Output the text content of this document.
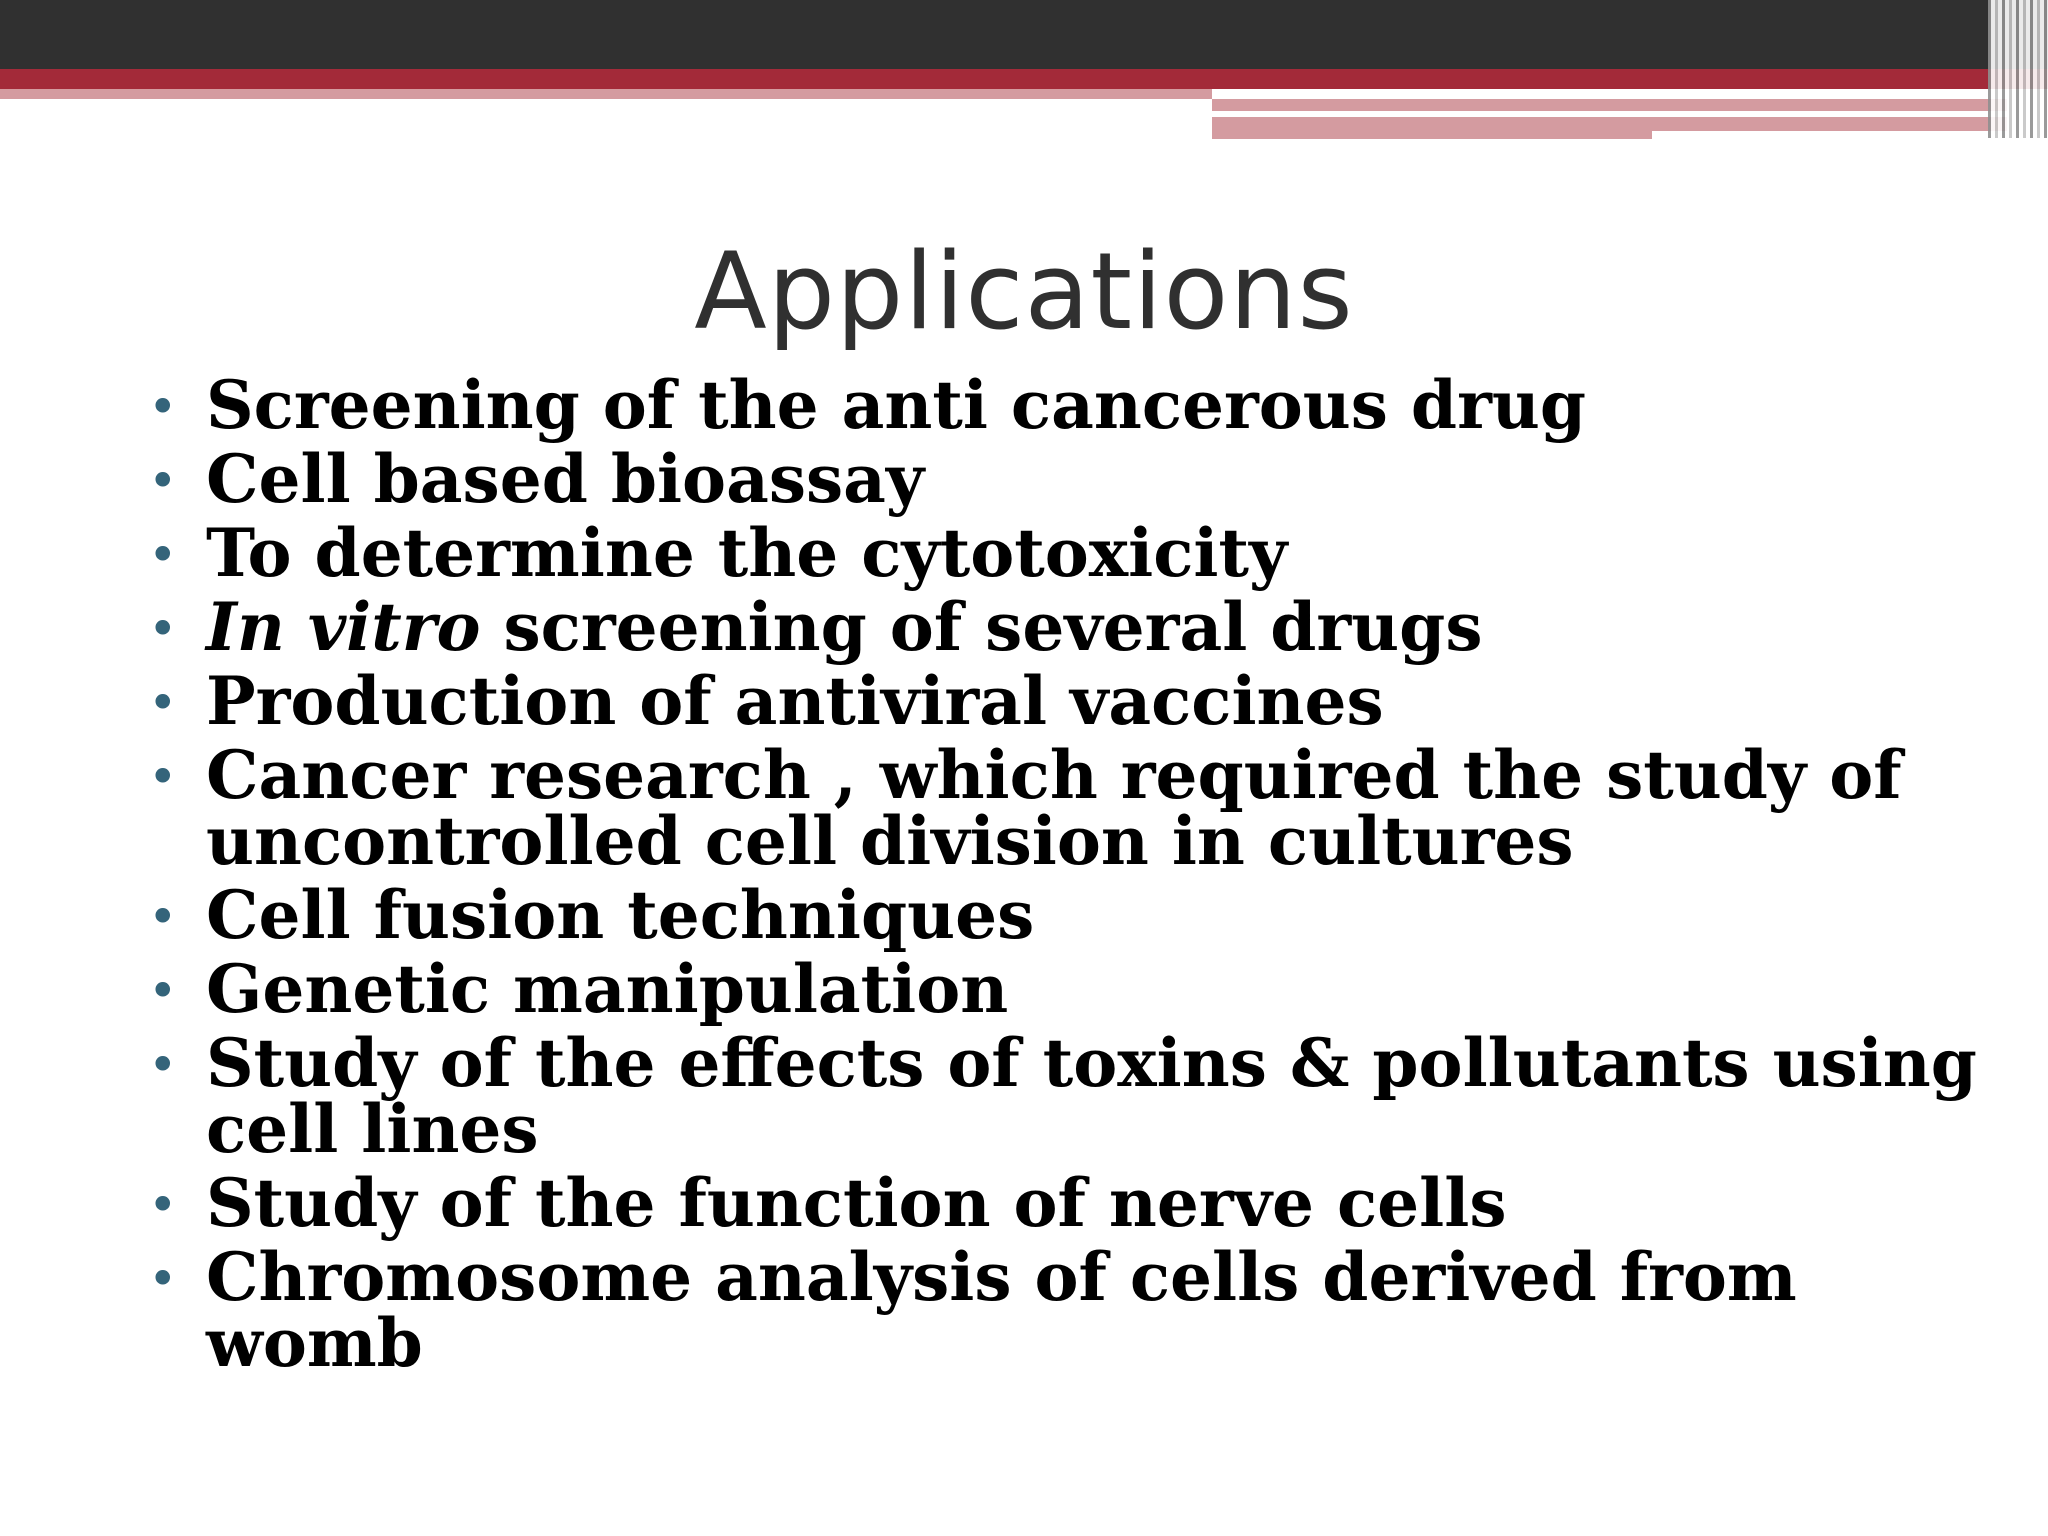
Applications
• Screening of the anti cancerous drug
• Cell based bioassay
• To determine the cytotoxicity
• In vitro screening of several drugs
• Production of antiviral vaccines
• Cancer research , which required the study of uncontrolled cell division in cultures
• Cell fusion techniques
• Genetic manipulation
• Study of the effects of toxins & pollutants using cell lines
• Study of the function of nerve cells
• Chromosome analysis of cells derived from womb
